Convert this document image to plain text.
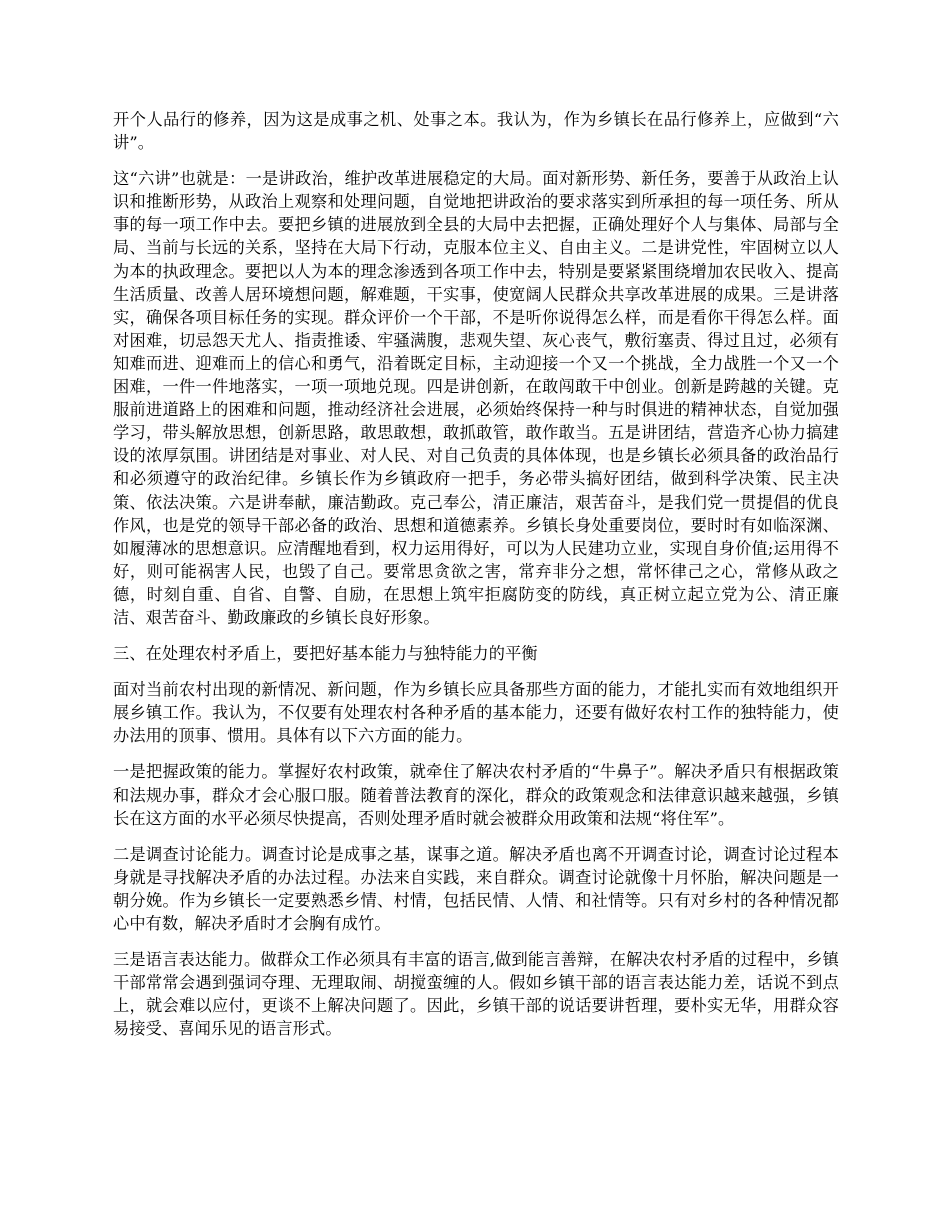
开个人品行的修养，因为这是成事之机、处事之本。我认为，作为乡镇长在品行修养上，应做到“六讲”。

这“六讲”也就是：一是讲政治，维护改革进展稳定的大局。面对新形势、新任务，要善于从政治上认识和推断形势，从政治上观察和处理问题，自觉地把讲政治的要求落实到所承担的每一项任务、所从事的每一项工作中去。要把乡镇的进展放到全县的大局中去把握，正确处理好个人与集体、局部与全局、当前与长远的关系，坚持在大局下行动，克服本位主义、自由主义。二是讲党性，牢固树立以人为本的执政理念。要把以人为本的理念渗透到各项工作中去，特别是要紧紧围绕增加农民收入、提高生活质量、改善人居环境想问题，解难题，干实事，使宽阔人民群众共享改革进展的成果。三是讲落实，确保各项目标任务的实现。群众评价一个干部，不是听你说得怎么样，而是看你干得怎么样。面对困难，切忌怨天尤人、指责推诿、牢骚满腹，悲观失望、灰心丧气，敷衍塞责、得过且过，必须有知难而进、迎难而上的信心和勇气，沿着既定目标，主动迎接一个又一个挑战，全力战胜一个又一个困难，一件一件地落实，一项一项地兑现。四是讲创新，在敢闯敢干中创业。创新是跨越的关键。克服前进道路上的困难和问题，推动经济社会进展，必须始终保持一种与时俱进的精神状态，自觉加强学习，带头解放思想，创新思路，敢思敢想，敢抓敢管，敢作敢当。五是讲团结，营造齐心协力搞建设的浓厚氛围。讲团结是对事业、对人民、对自己负责的具体体现，也是乡镇长必须具备的政治品行和必须遵守的政治纪律。乡镇长作为乡镇政府一把手，务必带头搞好团结，做到科学决策、民主决策、依法决策。六是讲奉献，廉洁勤政。克己奉公，清正廉洁，艰苦奋斗，是我们党一贯提倡的优良作风，也是党的领导干部必备的政治、思想和道德素养。乡镇长身处重要岗位，要时时有如临深渊、如履薄冰的思想意识。应清醒地看到，权力运用得好，可以为人民建功立业，实现自身价值;运用得不好，则可能祸害人民，也毁了自己。要常思贪欲之害，常弃非分之想，常怀律己之心，常修从政之德，时刻自重、自省、自警、自励，在思想上筑牢拒腐防变的防线，真正树立起立党为公、清正廉洁、艰苦奋斗、勤政廉政的乡镇长良好形象。

三、在处理农村矛盾上，要把好基本能力与独特能力的平衡

面对当前农村出现的新情况、新问题，作为乡镇长应具备那些方面的能力，才能扎实而有效地组织开展乡镇工作。我认为，不仅要有处理农村各种矛盾的基本能力，还要有做好农村工作的独特能力，使办法用的顶事、惯用。具体有以下六方面的能力。

一是把握政策的能力。掌握好农村政策，就牵住了解决农村矛盾的“牛鼻子”。解决矛盾只有根据政策和法规办事，群众才会心服口服。随着普法教育的深化，群众的政策观念和法律意识越来越强，乡镇长在这方面的水平必须尽快提高，否则处理矛盾时就会被群众用政策和法规“将住军”。

二是调查讨论能力。调查讨论是成事之基，谋事之道。解决矛盾也离不开调查讨论，调查讨论过程本身就是寻找解决矛盾的办法过程。办法来自实践，来自群众。调查讨论就像十月怀胎，解决问题是一朝分娩。作为乡镇长一定要熟悉乡情、村情，包括民情、人情、和社情等。只有对乡村的各种情况都心中有数，解决矛盾时才会胸有成竹。

三是语言表达能力。做群众工作必须具有丰富的语言,做到能言善辩，在解决农村矛盾的过程中，乡镇干部常常会遇到强词夺理、无理取闹、胡搅蛮缠的人。假如乡镇干部的语言表达能力差，话说不到点上，就会难以应付，更谈不上解决问题了。因此，乡镇干部的说话要讲哲理，要朴实无华，用群众容易接受、喜闻乐见的语言形式。
